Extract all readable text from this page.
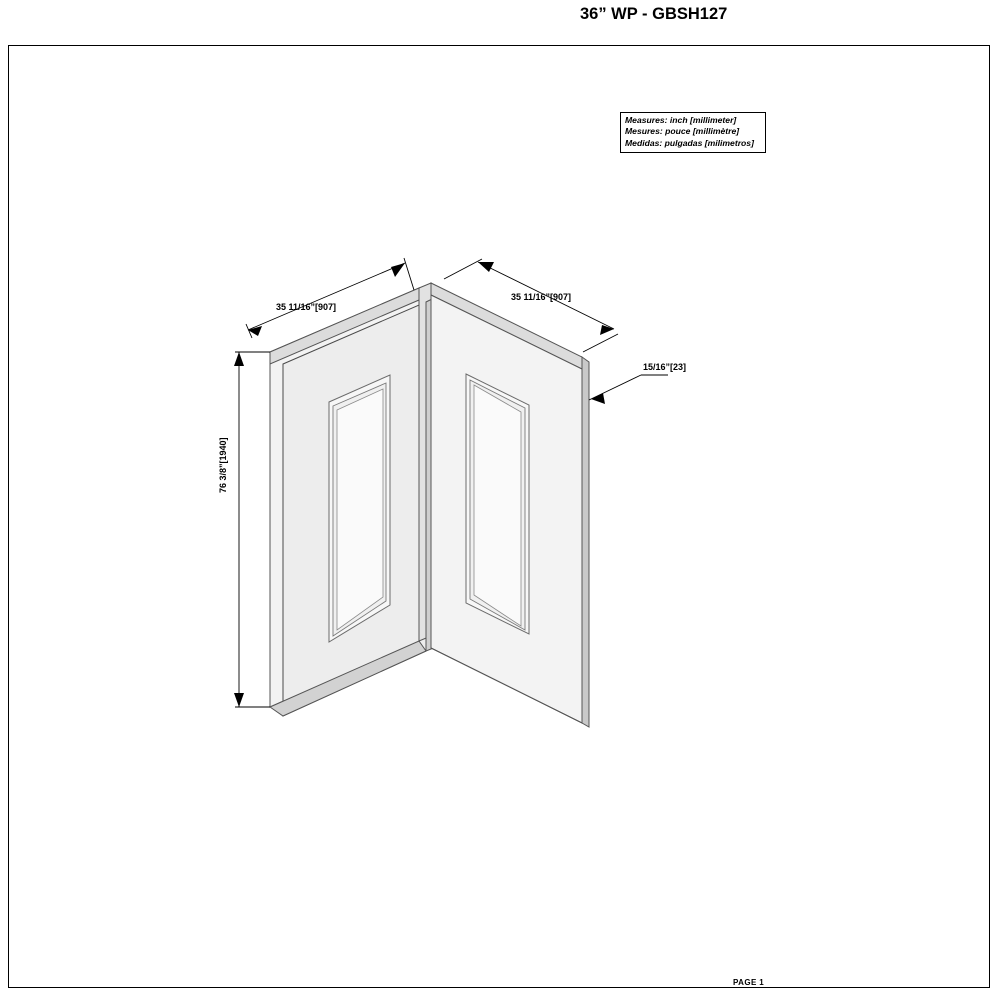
36” WP - GBSH127
Measures: inch [millimeter]
Mesures: pouce [millimètre]
Medidas: pulgadas [milimetros]
35 11/16”[907]
35 11/16”[907]
15/16”[23]
76 3/8”[1940]
PAGE 1
